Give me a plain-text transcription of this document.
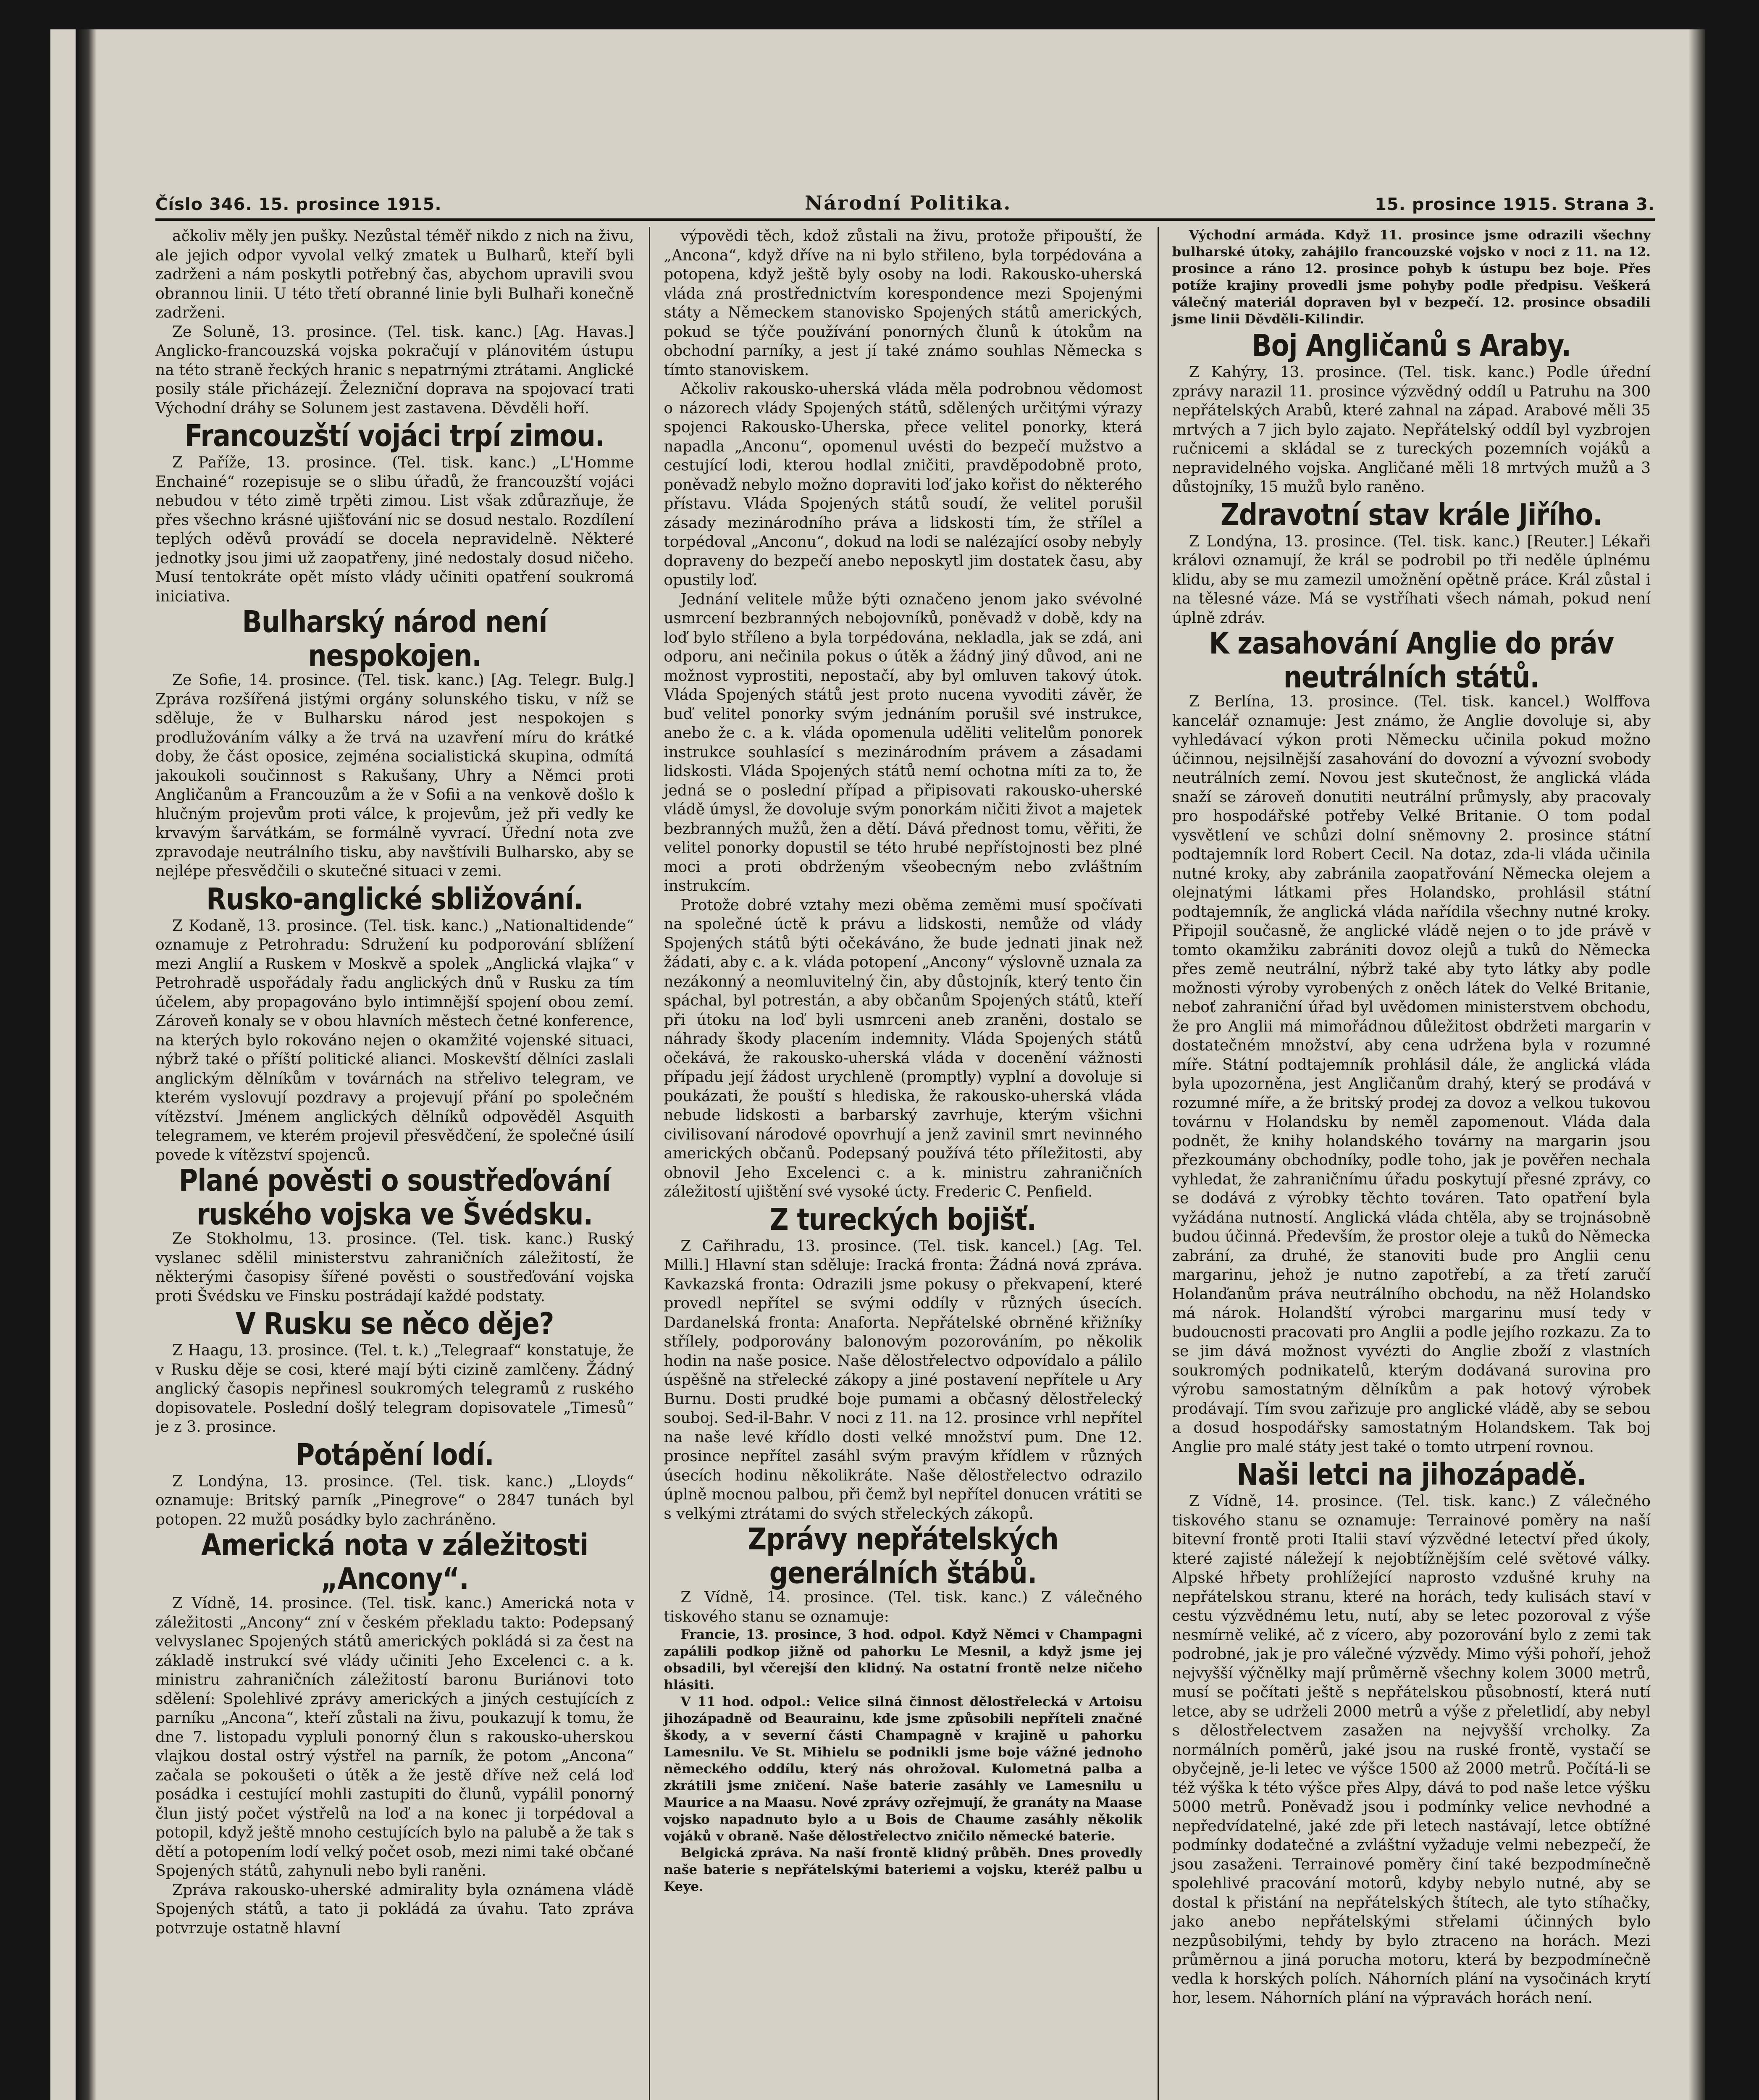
Číslo 346. 15. prosince 1915.	Národní Politika.	15. prosince 1915. Strana 3.

ačkoliv měly jen pušky. Nezůstal téměř nikdo z nich na živu, ale jejich odpor vyvolal velký zmatek u Bulharů, kteří byli zadrženi a nám poskytli potřebný čas, abychom upravili svou obrannou linii. U této třetí obranné linie byli Bulhaři konečně zadrženi.

Ze Soluně, 13. prosince. (Tel. tisk. kanc.) [Ag. Havas.] Anglicko-francouzská vojska pokračují v plánovitém ústupu na této straně řeckých hranic s nepatrnými ztrátami. Anglické posily stále přicházejí. Železniční doprava na spojovací trati Východní dráhy se Solunem jest zastavena. Děvděli hoří.

Francouzští vojáci trpí zimou.

Z Paříže, 13. prosince. (Tel. tisk. kanc.) „L'Homme Enchainé“ rozepisuje se o slibu úřadů, že francouzští vojáci nebudou v této zimě trpěti zimou. List však zdůrazňuje, že přes všechno krásné ujišťování nic se dosud nestalo. Rozdílení teplých oděvů provádí se docela nepravidelně. Některé jednotky jsou jimi už zaopatřeny, jiné nedostaly dosud ničeho. Musí tentokráte opět místo vlády učiniti opatření soukromá iniciativa.

Bulharský národ není nespokojen.

Ze Sofie, 14. prosince. (Tel. tisk. kanc.) [Ag. Telegr. Bulg.] Zpráva rozšířená jistými orgány solunského tisku, v níž se sděluje, že v Bulharsku národ jest nespokojen s prodlužováním války a že trvá na uzavření míru do krátké doby, že část oposice, zejména socialistická skupina, odmítá jakoukoli součinnost s Rakušany, Uhry a Němci proti Angličanům a Francouzům a že v Sofii a na venkově došlo k hlučným projevům proti válce, k projevům, jež při vedly ke krvavým šarvátkám, se formálně vyvrací. Úřední nota zve zpravodaje neutrálního tisku, aby navštívili Bulharsko, aby se nejlépe přesvědčili o skutečné situaci v zemi.

Rusko-anglické sbližování.

Z Kodaně, 13. prosince. (Tel. tisk. kanc.) „Nationaltidende“ oznamuje z Petrohradu: Sdružení ku podporování sblížení mezi Anglií a Ruskem v Moskvě a spolek „Anglická vlajka“ v Petrohradě uspořádaly řadu anglických dnů v Rusku za tím účelem, aby propagováno bylo intimnější spojení obou zemí. Zároveň konaly se v obou hlavních městech četné konference, na kterých bylo rokováno nejen o okamžité vojenské situaci, nýbrž také o příští politické alianci. Moskevští dělníci zaslali anglickým dělníkům v továrnách na střelivo telegram, ve kterém vyslovují pozdravy a projevují přání po společném vítězství. Jménem anglických dělníků odpověděl Asquith telegramem, ve kterém projevil přesvědčení, že společné úsilí povede k vítězství spojenců.

Plané pověsti o soustřeďování ruského vojska ve Švédsku.

Ze Stokholmu, 13. prosince. (Tel. tisk. kanc.) Ruský vyslanec sdělil ministerstvu zahraničních záležitostí, že některými časopisy šířené pověsti o soustřeďování vojska proti Švédsku ve Finsku postrádají každé podstaty.

V Rusku se něco děje?

Z Haagu, 13. prosince. (Tel. t. k.) „Telegraaf“ konstatuje, že v Rusku děje se cosi, které mají býti cizině zamlčeny. Žádný anglický časopis nepřinesl soukromých telegramů z ruského dopisovatele. Poslední došlý telegram dopisovatele „Timesů“ je z 3. prosince.

Potápění lodí.

Z Londýna, 13. prosince. (Tel. tisk. kanc.) „Lloyds“ oznamuje: Britský parník „Pinegrove“ o 2847 tunách byl potopen. 22 mužů posádky bylo zachráněno.

Americká nota v záležitosti „Ancony“.

Z Vídně, 14. prosince. (Tel. tisk. kanc.) Americká nota v záležitosti „Ancony“ zní v českém překladu takto: Podepsaný velvyslanec Spojených států amerických pokládá si za čest na základě instrukcí své vlády učiniti Jeho Excelenci c. a k. ministru zahraničních záležitostí baronu Buriánovi toto sdělení: Spolehlivé zprávy amerických a jiných cestujících z parníku „Ancona“, kteří zůstali na živu, poukazují k tomu, že dne 7. listopadu vypluli ponorný člun s rakousko-uherskou vlajkou dostal ostrý výstřel na parník, že potom „Ancona“ začala se pokoušeti o útěk a že jestě dříve než celá loď posádka i cestující mohli zastupiti do člunů, vypálil ponorný člun jistý počet výstřelů na loď a na konec ji torpédoval a potopil, když ještě mnoho cestujících bylo na palubě a že tak s dětí a potopením lodí velký počet osob, mezi nimi také občané Spojených států, zahynuli nebo byli raněni.

Zpráva rakousko-uherské admirality byla oznámena vládě Spojených států, a tato ji pokládá za úvahu. Tato zpráva potvrzuje ostatně hlavní

výpovědi těch, kdož zůstali na živu, protože připouští, že „Ancona“, když dříve na ni bylo střileno, byla torpédována a potopena, když ještě byly osoby na lodi. Rakousko-uherská vláda zná prostřednictvím korespondence mezi Spojenými státy a Německem stanovisko Spojených států amerických, pokud se týče používání ponorných člunů k útokům na obchodní parníky, a jest jí také známo souhlas Německa s tímto stanoviskem.

Ačkoliv rakousko-uherská vláda měla podrobnou vědomost o názorech vlády Spojených států, sdělených určitými výrazy spojenci Rakousko-Uherska, přece velitel ponorky, která napadla „Anconu“, opomenul uvésti do bezpečí mužstvo a cestující lodi, kterou hodlal zničiti, pravděpodobně proto, poněvadž nebylo možno dopraviti loď jako kořist do některého přístavu. Vláda Spojených států soudí, že velitel porušil zásady mezinárodního práva a lidskosti tím, že střílel a torpédoval „Anconu“, dokud na lodi se nalézající osoby nebyly dopraveny do bezpečí anebo neposkytl jim dostatek času, aby opustily loď.

Jednání velitele může býti označeno jenom jako svévolné usmrcení bezbranných nebojovníků, poněvadž v době, kdy na loď bylo stříleno a byla torpédována, nekladla, jak se zdá, ani odporu, ani nečinila pokus o útěk a žádný jiný důvod, ani ne možnost vyprostiti, nepostačí, aby byl omluven takový útok. Vláda Spojených států jest proto nucena vyvoditi závěr, že buď velitel ponorky svým jednáním porušil své instrukce, anebo že c. a k. vláda opomenula uděliti velitelům ponorek instrukce souhlasící s mezinárodním právem a zásadami lidskosti. Vláda Spojených států nemí ochotna míti za to, že jedná se o poslední případ a připisovati rakousko-uherské vládě úmysl, že dovoluje svým ponorkám ničiti život a majetek bezbranných mužů, žen a dětí. Dává přednost tomu, věřiti, že velitel ponorky dopustil se této hrubé nepřístojnosti bez plné moci a proti obdrženým všeobecným nebo zvláštním instrukcím.

Protože dobré vztahy mezi oběma zeměmi musí spočívati na společné úctě k právu a lidskosti, nemůže od vlády Spojených států býti očekáváno, že bude jednati jinak než žádati, aby c. a k. vláda potopení „Ancony“ výslovně uznala za nezákonný a neomluvitelný čin, aby důstojník, který tento čin spáchal, byl potrestán, a aby občanům Spojených států, kteří při útoku na loď byli usmrceni aneb zraněni, dostalo se náhrady škody placením indemnity. Vláda Spojených států očekává, že rakousko-uherská vláda v docenění vážnosti případu její žádost urychleně (promptly) vyplní a dovoluje si poukázati, že pouští s hlediska, že rakousko-uherská vláda nebude lidskosti a barbarský zavrhuje, kterým všichni civilisovaní národové opovrhují a jenž zavinil smrt nevinného amerických občanů. Podepsaný používá této příležitosti, aby obnovil Jeho Excelenci c. a k. ministru zahraničních záležitostí ujištění své vysoké úcty. Frederic C. Penfield.

Z tureckých bojišť.

Z Cařihradu, 13. prosince. (Tel. tisk. kancel.) [Ag. Tel. Milli.] Hlavní stan sděluje: Iracká fronta: Žádná nová zpráva. Kavkazská fronta: Odrazili jsme pokusy o překvapení, které provedl nepřítel se svými oddíly v různých úsecích. Dardanelská fronta: Anaforta. Nepřátelské obrněné křižníky střílely, podporovány balonovým pozorováním, po několik hodin na naše posice. Naše dělostřelectvo odpovídalo a pálilo úspěšně na střelecké zákopy a jiné postavení nepřítele u Ary Burnu. Dosti prudké boje pumami a občasný dělostřelecký souboj. Sed-il-Bahr. V noci z 11. na 12. prosince vrhl nepřítel na naše levé křídlo dosti velké množství pum. Dne 12. prosince nepřítel zasáhl svým pravým křídlem v různých úsecích hodinu několikráte. Naše dělostřelectvo odrazilo úplně mocnou palbou, při čemž byl nepřítel donucen vrátiti se s velkými ztrátami do svých střeleckých zákopů.

Zprávy nepřátelských generálních štábů.

Z Vídně, 14. prosince. (Tel. tisk. kanc.) Z válečného tiskového stanu se oznamuje:

Francie, 13. prosince, 3 hod. odpol. Když Němci v Champagni zapálili podkop jižně od pahorku Le Mesnil, a když jsme jej obsadili, byl včerejší den klidný. Na ostatní frontě nelze ničeho hlásiti.

V 11 hod. odpol.: Velice silná činnost dělostřelecká v Artoisu jihozápadně od Beaurainu, kde jsme způsobili nepříteli značné škody, a v severní části Champagně v krajině u pahorku Lamesnilu. Ve St. Mihielu se podnikli jsme boje vážné jednoho německého oddílu, který nás ohrožoval. Kulometná palba a zkrátili jsme zničení. Naše baterie zasáhly ve Lamesnilu u Maurice a na Maasu. Nové zprávy ozřejmují, že granáty na Maase vojsko napadnuto bylo a u Bois de Chaume zasáhly několik vojáků v obraně. Naše dělostřelectvo zničilo německé baterie.

Belgická zpráva. Na naší frontě klidný průběh. Dnes provedly naše baterie s nepřátelskými bateriemi a vojsku, kteréž palbu u Keye.

Východní armáda. Když 11. prosince jsme odrazili všechny bulharské útoky, zahájilo francouzské vojsko v noci z 11. na 12. prosince a ráno 12. prosince pohyb k ústupu bez boje. Přes potíže krajiny provedli jsme pohyby podle předpisu. Veškerá válečný materiál dopraven byl v bezpečí. 12. prosince obsadili jsme linii Děvděli-Kilindir.

Boj Angličanů s Araby.

Z Kahýry, 13. prosince. (Tel. tisk. kanc.) Podle úřední zprávy narazil 11. prosince výzvědný oddíl u Patruhu na 300 nepřátelských Arabů, které zahnal na západ. Arabové měli 35 mrtvých a 7 jich bylo zajato. Nepřátelský oddíl byl vyzbrojen ručnicemi a skládal se z tureckých pozemních vojáků a nepravidelného vojska. Angličané měli 18 mrtvých mužů a 3 důstojníky, 15 mužů bylo raněno.

Zdravotní stav krále Jiřího.

Z Londýna, 13. prosince. (Tel. tisk. kanc.) [Reuter.] Lékaři královi oznamují, že král se podrobil po tři neděle úplnému klidu, aby se mu zamezil umožnění opětně práce. Král zůstal i na tělesné váze. Má se vystříhati všech námah, pokud není úplně zdráv.

K zasahování Anglie do práv neutrálních států.

Z Berlína, 13. prosince. (Tel. tisk. kancel.) Wolffova kancelář oznamuje: Jest známo, že Anglie dovoluje si, aby vyhledávací výkon proti Německu učinila pokud možno účinnou, nejsilnější zasahování do dovozní a vývozní svobody neutrálních zemí. Novou jest skutečnost, že anglická vláda snaží se zároveň donutiti neutrální průmysly, aby pracovaly pro hospodářské potřeby Velké Britanie. O tom podal vysvětlení ve schůzi dolní sněmovny 2. prosince státní podtajemník lord Robert Cecil. Na dotaz, zda-li vláda učinila nutné kroky, aby zabránila zaopatřování Německa olejem a olejnatými látkami přes Holandsko, prohlásil státní podtajemník, že anglická vláda nařídila všechny nutné kroky. Připojil současně, že anglické vládě nejen o to jde právě v tomto okamžiku zabrániti dovoz olejů a tuků do Německa přes země neutrální, nýbrž také aby tyto látky aby podle možnosti výroby vyrobených z oněch látek do Velké Britanie, neboť zahraniční úřad byl uvědomen ministerstvem obchodu, že pro Anglii má mimořádnou důležitost obdržeti margarin v dostatečném množství, aby cena udržena byla v rozumné míře. Státní podtajemník prohlásil dále, že anglická vláda byla upozorněna, jest Angličanům drahý, který se prodává v rozumné míře, a že britský prodej za dovoz a velkou tukovou továrnu v Holandsku by neměl zapomenout. Vláda dala podnět, že knihy holandského továrny na margarin jsou přezkoumány obchodníky, podle toho, jak je pověřen nechala vyhledat, že zahraničnímu úřadu poskytují přesné zprávy, co se dodává z výrobky těchto továren. Tato opatření byla vyžádána nutností. Anglická vláda chtěla, aby se trojnásobně budou účinná. Především, že prostor oleje a tuků do Německa zabrání, za druhé, že stanoviti bude pro Anglii cenu margarinu, jehož je nutno zapotřebí, a za třetí zaručí Holanďanům práva neutrálního obchodu, na něž Holandsko má nárok. Holandští výrobci margarinu musí tedy v budoucnosti pracovati pro Anglii a podle jejího rozkazu. Za to se jim dává možnost vyvézti do Anglie zboží z vlastních soukromých podnikatelů, kterým dodávaná surovina pro výrobu samostatným dělníkům a pak hotový výrobek prodávají. Tím svou zařizuje pro anglické vládě, aby se sebou a dosud hospodářsky samostatným Holandskem. Tak boj Anglie pro malé státy jest také o tomto utrpení rovnou.

Naši letci na jihozápadě.

Z Vídně, 14. prosince. (Tel. tisk. kanc.) Z válečného tiskového stanu se oznamuje: Terrainové poměry na naší bitevní frontě proti Italii staví výzvědné letectví před úkoly, které zajisté náležejí k nejobtížnějším celé světové války. Alpské hřbety prohlížející naprosto vzdušné kruhy na nepřátelskou stranu, které na horách, tedy kulisách staví v cestu výzvědnému letu, nutí, aby se letec pozoroval z výše nesmírně veliké, ač z vícero, aby pozorování bylo z zemi tak podrobné, jak je pro válečné výzvědy. Mimo výši pohoří, jehož nejvyšší výčnělky mají průměrně všechny kolem 3000 metrů, musí se počítati ještě s nepřátelskou působností, která nutí letce, aby se udrželi 2000 metrů a výše z přeletlidí, aby nebyl s dělostřelectvem zasažen na nejvyšší vrcholky. Za normálních poměrů, jaké jsou na ruské frontě, vystačí se obyčejně, je-li letec ve výšce 1500 až 2000 metrů. Počítá-li se též výška k této výšce přes Alpy, dává to pod naše letce výšku 5000 metrů. Poněvadž jsou i podmínky velice nevhodné a nepředvídatelné, jaké zde při letech nastávají, letce obtížné podmínky dodatečné a zvláštní vyžaduje velmi nebezpečí, že jsou zasaženi. Terrainové poměry činí také bezpodmínečně spolehlivé pracování motorů, kdyby nebylo nutné, aby se dostal k přistání na nepřátelských štítech, ale tyto stíhačky, jako anebo nepřátelskými střelami účinných bylo nezpůsobilými, tehdy by bylo ztraceno na horách. Mezi průměrnou a jiná porucha motoru, která by bezpodmínečně vedla k horských polích. Náhorních plání na vysočinách krytí hor, lesem. Náhorních plání na výpravách horách není.
